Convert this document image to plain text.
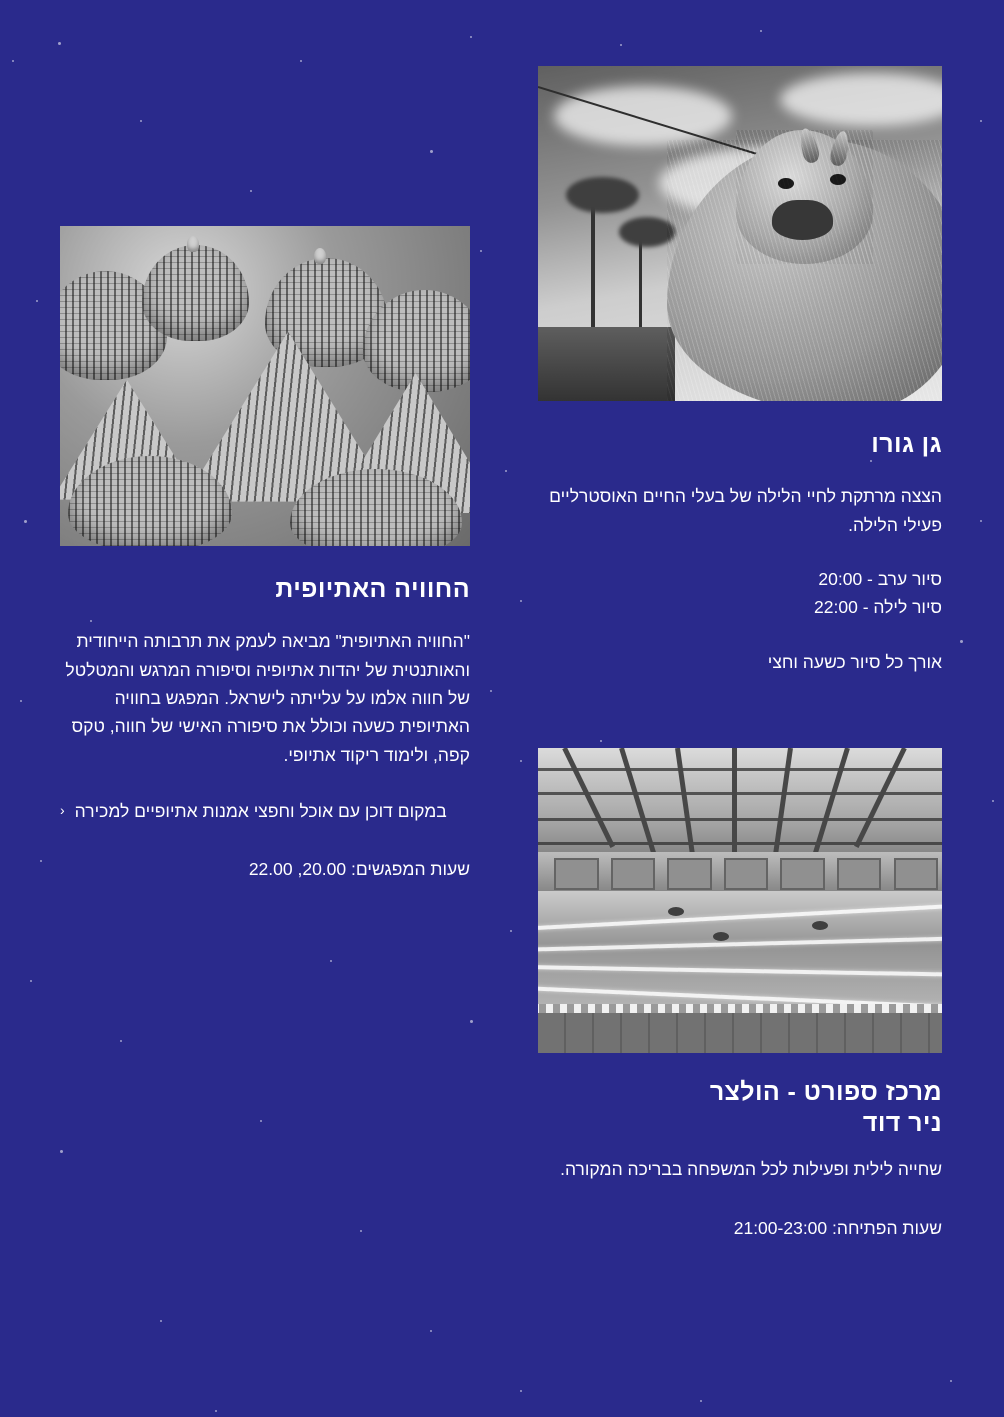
החוויה האתיופית

"החוויה האתיופית" מביאה לעמק את תרבותה הייחודית והאותנטית של יהדות אתיופיה וסיפורה המרגש והמטלטל של חווה אלמו על עלייתה לישראל. המפגש בחוויה האתיופית כשעה וכולל את סיפורה האישי של חווה, טקס קפה, ולימוד ריקוד אתיופי.

‹ במקום דוכן עם אוכל וחפצי אמנות אתיופיים למכירה
שעות המפגשים: 20.00, 22.00
גן גורו

הצצה מרתקת לחיי הלילה של בעלי החיים האוסטרליים פעילי הלילה.

סיור ערב - 20:00
סיור לילה - 22:00
אורך כל סיור כשעה וחצי
מרכז ספורט - הולצר
ניר דוד

שחייה לילית ופעילות לכל המשפחה בבריכה המקורה.

שעות הפתיחה: 21:00-23:00
